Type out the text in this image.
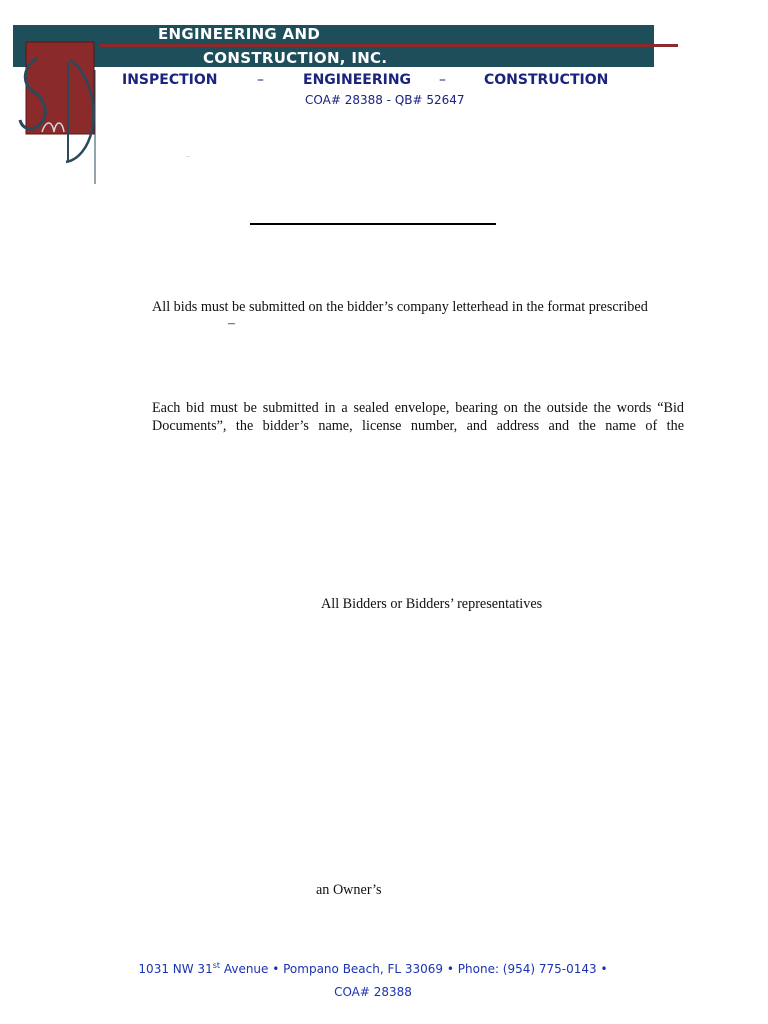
ENGINEERING AND
CONSTRUCTION, INC.
INSPECTION	–	ENGINEERING –	CONSTRUCTION
COA# 28388 - QB# 52647
..
All bids must be submitted on the bidder’s company letterhead in the format prescribed
–
Each bid must be submitted in a sealed envelope, bearing on the outside the words “Bid
Documents”, the bidder’s name, license number, and address and the name of the
All Bidders or Bidders’ representatives
an Owner’s
1031 NW 31st Avenue • Pompano Beach, FL 33069 • Phone: (954) 775-0143 •
COA# 28388
